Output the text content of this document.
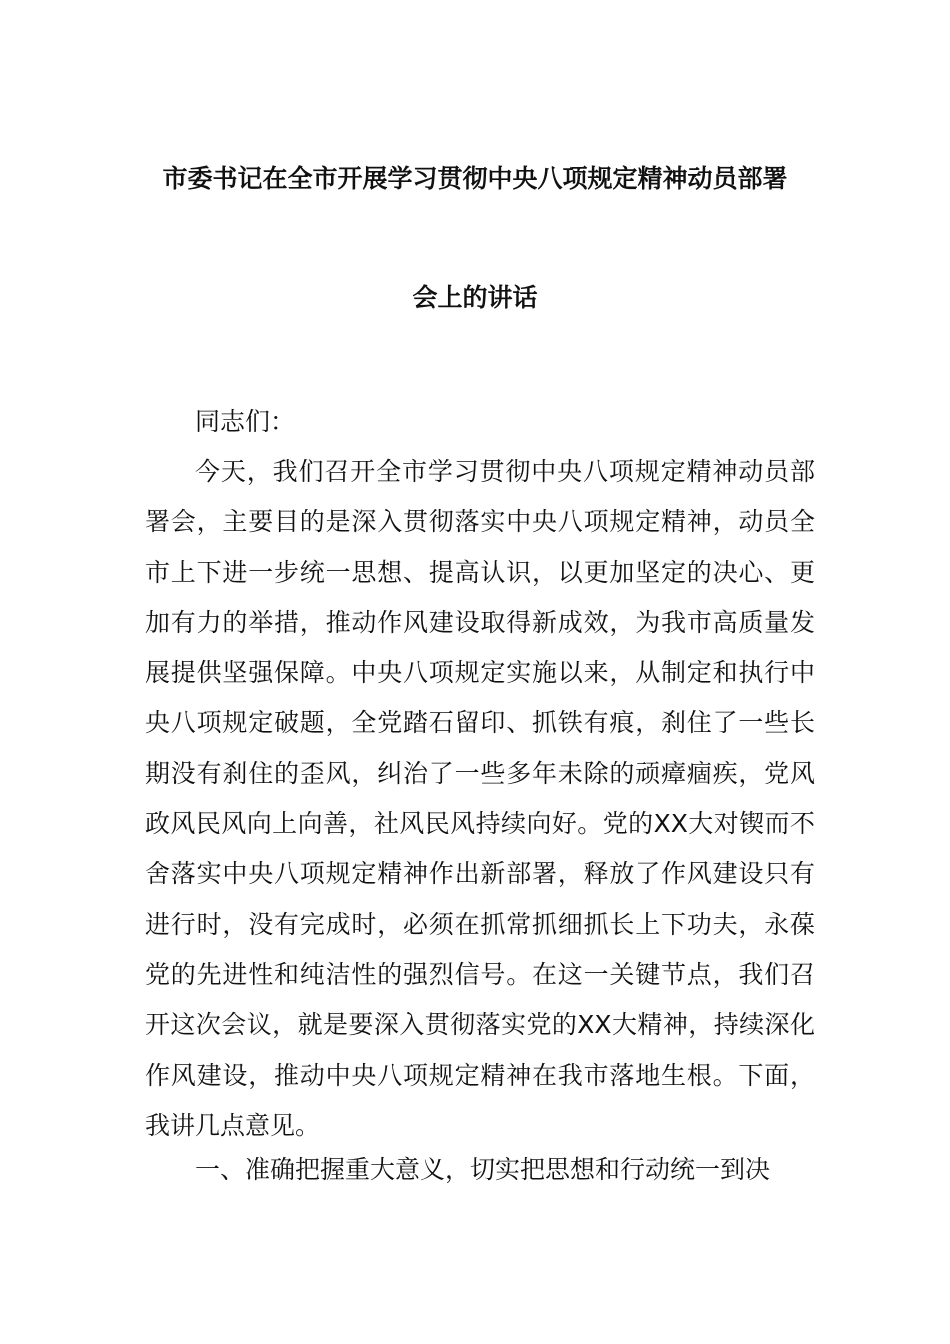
市委书记在全市开展学习贯彻中央八项规定精神动员部署
会上的讲话
同志们：
今天，我们召开全市学习贯彻中央八项规定精神动员部署会，主要目的是深入贯彻落实中央八项规定精神，动员全市上下进一步统一思想、提高认识，以更加坚定的决心、更加有力的举措，推动作风建设取得新成效，为我市高质量发展提供坚强保障。中央八项规定实施以来，从制定和执行中央八项规定破题，全党踏石留印、抓铁有痕，刹住了一些长期没有刹住的歪风，纠治了一些多年未除的顽瘴痼疾，党风政风民风向上向善，社风民风持续向好。党的XX大对锲而不舍落实中央八项规定精神作出新部署，释放了作风建设只有进行时，没有完成时，必须在抓常抓细抓长上下功夫，永葆党的先进性和纯洁性的强烈信号。在这一关键节点，我们召开这次会议，就是要深入贯彻落实党的XX大精神，持续深化作风建设，推动中央八项规定精神在我市落地生根。下面，我讲几点意见。
一、准确把握重大意义，切实把思想和行动统一到决
